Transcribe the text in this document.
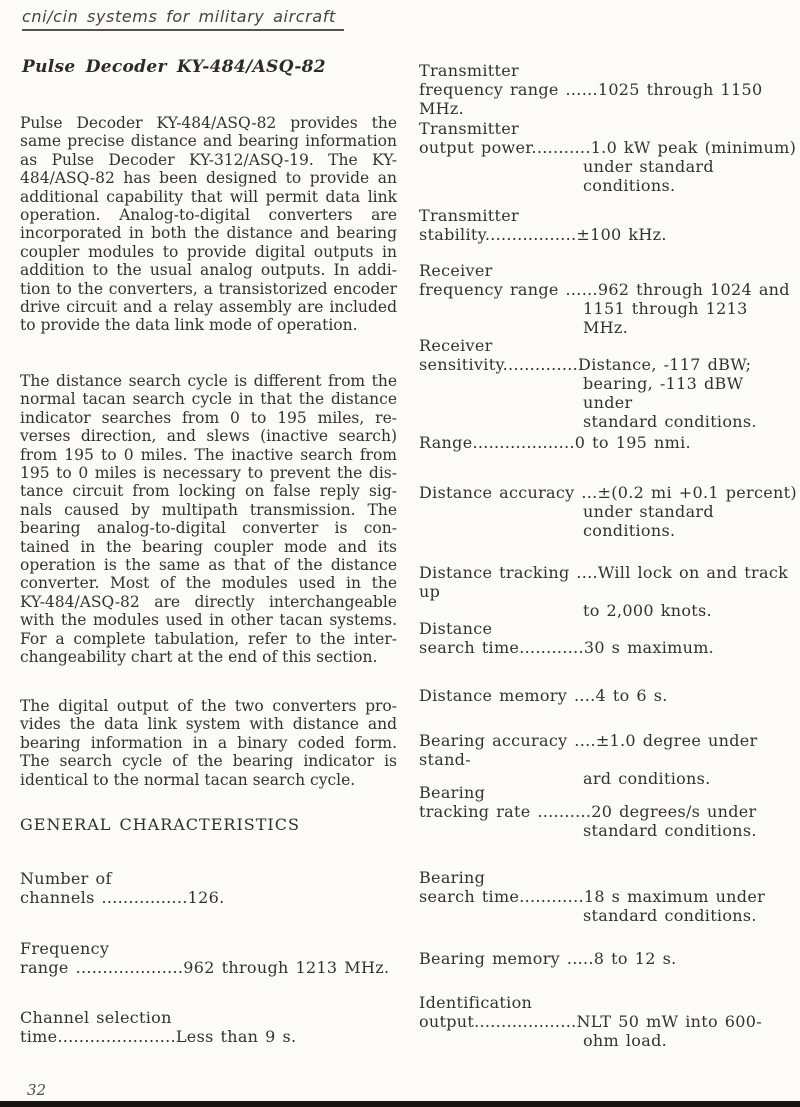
cni/cin systems for military aircraft
Pulse Decoder KY-484/ASQ-82
Pulse Decoder KY-484/ASQ-82 provides the
same precise distance and bearing information
as Pulse Decoder KY-312/ASQ-19. The KY-
484/ASQ-82 has been designed to provide an
additional capability that will permit data link
operation. Analog-to-digital converters are
incorporated in both the distance and bearing
coupler modules to provide digital outputs in
addition to the usual analog outputs. In addi-
tion to the converters, a transistorized encoder
drive circuit and a relay assembly are included
to provide the data link mode of operation.
The distance search cycle is different from the
normal tacan search cycle in that the distance
indicator searches from 0 to 195 miles, re-
verses direction, and slews (inactive search)
from 195 to 0 miles. The inactive search from
195 to 0 miles is necessary to prevent the dis-
tance circuit from locking on false reply sig-
nals caused by multipath transmission. The
bearing analog-to-digital converter is con-
tained in the bearing coupler mode and its
operation is the same as that of the distance
converter. Most of the modules used in the
KY-484/ASQ-82 are directly interchangeable
with the modules used in other tacan systems.
For a complete tabulation, refer to the inter-
changeability chart at the end of this section.
The digital output of the two converters pro-
vides the data link system with distance and
bearing information in a binary coded form.
The search cycle of the bearing indicator is
identical to the normal tacan search cycle.
GENERAL CHARACTERISTICS
Number of
channels ................126.
Frequency
range ....................962 through 1213 MHz.
Channel selection
time......................Less than 9 s.
Transmitter
frequency range ......1025 through 1150 MHz.
Transmitter
output power...........1.0 kW peak (minimum)
under standard
conditions.
Transmitter
stability.................±100 kHz.
Receiver
frequency range ......962 through 1024 and
1151 through 1213 MHz.
Receiver
sensitivity..............Distance, -117 dBW;
bearing, -113 dBW under
standard conditions.
Range...................0 to 195 nmi.
Distance accuracy ...±(0.2 mi +0.1 percent)
under standard
conditions.
Distance tracking ....Will lock on and track up
to 2,000 knots.
Distance
search time............30 s maximum.
Distance memory ....4 to 6 s.
Bearing accuracy ....±1.0 degree under stand-
ard conditions.
Bearing
tracking rate ..........20 degrees/s under
standard conditions.
Bearing
search time............18 s maximum under
standard conditions.
Bearing memory .....8 to 12 s.
Identification
output...................NLT 50 mW into 600-
ohm load.
32
